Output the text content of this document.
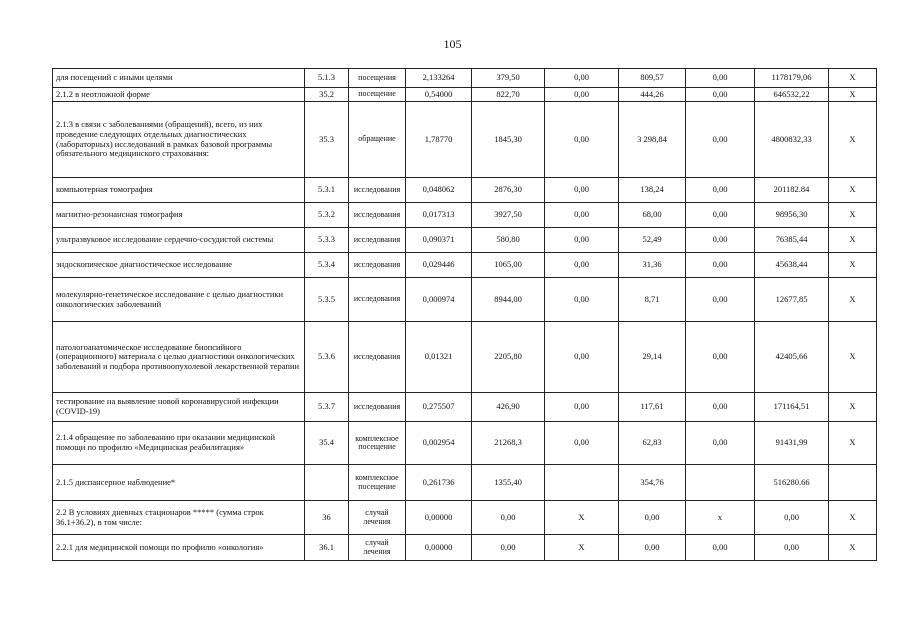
105
для посещений с иными целями	5.1.3	посещения	2,133264	379,50	0,00	809,57	0,00	1178179,06	X
2.1.2 в неотложной форме	35.2	посещение	0,54000	822,70	0,00	444,26	0,00	646532,22	X
2.1.3 в связи с заболеваниями (обращений), всего, из них проведение следующих отдельных диагностических (лабораторных) исследований в рамках базовой программы обязательного медицинского страхования:	35.3	обращение	1,78770	1845,30	0,00	3 298,84	0,00	4800832,33	X
компьютерная томография	5.3.1	исследования	0,048062	2876,30	0,00	138,24	0,00	201182.84	X
магнитно-резонансная томография	5.3.2	исследования	0,017313	3927,50	0,00	68,00	0,00	98956,30	X
ультразвуковое исследование сердечно-сосудистой системы	5.3.3	исследования	0,090371	580,80	0,00	52,49	0,00	76385,44	X
эндоскопическое диагностическое исследование	5.3.4	исследования	0,029446	1065,00	0,00	31,36	0,00	45638,44	X
молекулярно-генетическое исследование с целью диагностики онкологических заболеваний	5.3.5	исследования	0,000974	8944,00	0,00	8,71	0,00	12677,85	X
патологоанатомическое исследование биопсийного (операционного) материала с целью диагностики онкологических заболеваний и подбора противоопухолевой лекарственной терапии	5.3.6	исследования	0,01321	2205,80	0,00	29,14	0,00	42405,66	X
тестирование на выявление новой коронавирусной инфекции (COVID-19)	5.3.7	исследования	0,275507	426,90	0,00	117,61	0,00	171164,51	X
2.1.4 обращение по заболеванию при оказании медицинской помощи по профилю «Медицинская реабилитация»	35.4	комплексное посещение	0,002954	21268,3	0,00	62,83	0,00	91431,99	X
2.1.5 диспансерное наблюдение*		комплексное посещение	0,261736	1355,40		354,76		516280.66	
2.2 В условиях дневных стационаров ***** (сумма строк 36.1+36.2), в том числе:	36	случай лечения	0,00000	0,00	X	0,00	x	0,00	X
2.2.1 для медицинской помощи по профилю «онкология»	36.1	случай лечения	0,00000	0,00	X	0,00	0,00	0,00	X
